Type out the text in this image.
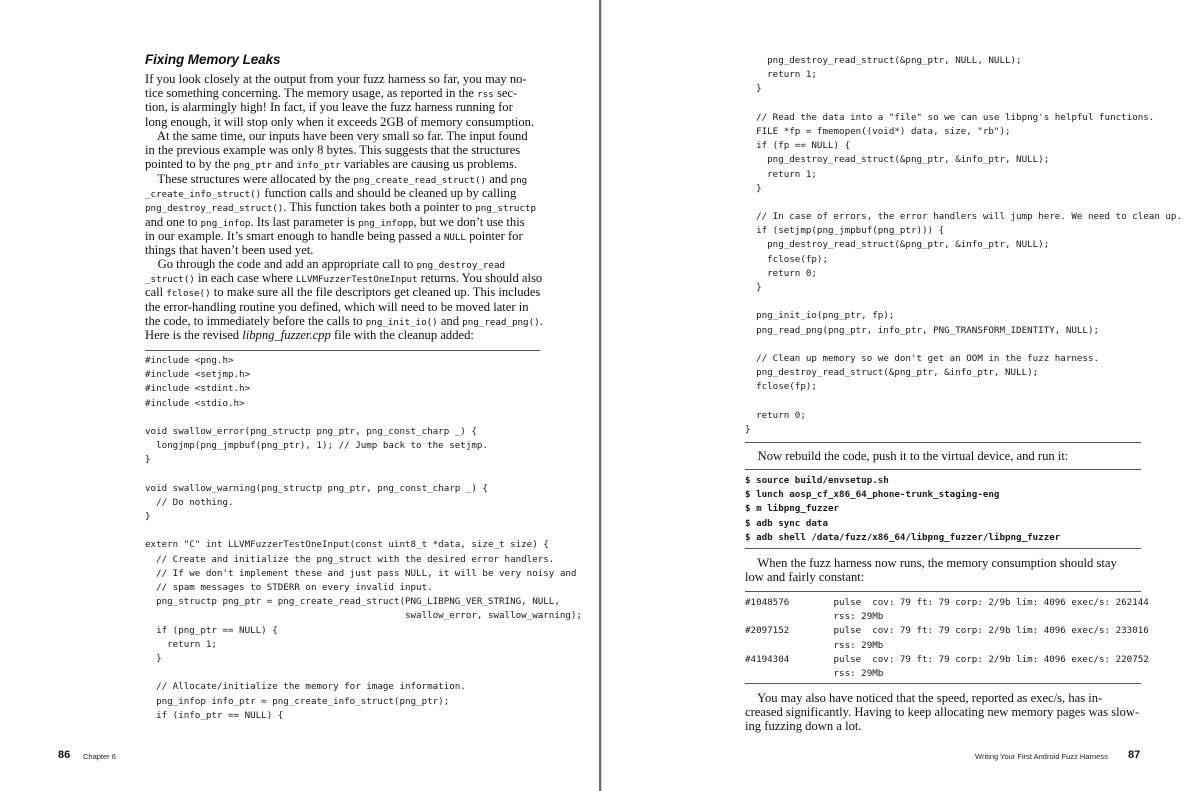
Fixing Memory Leaks
If you look closely at the output from your fuzz harness so far, you may no-
tice something concerning. The memory usage, as reported in the rss sec-
tion, is alarmingly high! In fact, if you leave the fuzz harness running for
long enough, it will stop only when it exceeds 2GB of memory consumption.
At the same time, our inputs have been very small so far. The input found
in the previous example was only 8 bytes. This suggests that the structures
pointed to by the png_ptr and info_ptr variables are causing us problems.
These structures were allocated by the png_create_read_struct() and png
_create_info_struct() function calls and should be cleaned up by calling
png_destroy_read_struct(). This function takes both a pointer to png_structp
and one to png_infop. Its last parameter is png_infopp, but we don’t use this
in our example. It’s smart enough to handle being passed a NULL pointer for
things that haven’t been used yet.
Go through the code and add an appropriate call to png_destroy_read
_struct() in each case where LLVMFuzzerTestOneInput returns. You should also
call fclose() to make sure all the file descriptors get cleaned up. This includes
the error-handling routine you defined, which will need to be moved later in
the code, to immediately before the calls to png_init_io() and png_read_png().
Here is the revised libpng_fuzzer.cpp file with the cleanup added:
#include <png.h>
#include <setjmp.h>
#include <stdint.h>
#include <stdio.h>
void swallow_error(png_structp png_ptr, png_const_charp _) {
longjmp(png_jmpbuf(png_ptr), 1); // Jump back to the setjmp.
}
void swallow_warning(png_structp png_ptr, png_const_charp _) {
// Do nothing.
}
extern "C" int LLVMFuzzerTestOneInput(const uint8_t *data, size_t size) {
// Create and initialize the png_struct with the desired error handlers.
// If we don't implement these and just pass NULL, it will be very noisy and
// spam messages to STDERR on every invalid input.
png_structp png_ptr = png_create_read_struct(PNG_LIBPNG_VER_STRING, NULL,
swallow_error, swallow_warning);
if (png_ptr == NULL) {
return 1;
}
// Allocate/initialize the memory for image information.
png_infop info_ptr = png_create_info_struct(png_ptr);
if (info_ptr == NULL) {
86 Chapter 6
png_destroy_read_struct(&png_ptr, NULL, NULL);
return 1;
}
// Read the data into a "file" so we can use libpng's helpful functions.
FILE *fp = fmemopen((void*) data, size, "rb");
if (fp == NULL) {
png_destroy_read_struct(&png_ptr, &info_ptr, NULL);
return 1;
}
// In case of errors, the error handlers will jump here. We need to clean up.
if (setjmp(png_jmpbuf(png_ptr))) {
png_destroy_read_struct(&png_ptr, &info_ptr, NULL);
fclose(fp);
return 0;
}
png_init_io(png_ptr, fp);
png_read_png(png_ptr, info_ptr, PNG_TRANSFORM_IDENTITY, NULL);
// Clean up memory so we don't get an OOM in the fuzz harness.
png_destroy_read_struct(&png_ptr, &info_ptr, NULL);
fclose(fp);
return 0;
}
Now rebuild the code, push it to the virtual device, and run it:
$ source build/envsetup.sh
$ lunch aosp_cf_x86_64_phone-trunk_staging-eng
$ m libpng_fuzzer
$ adb sync data
$ adb shell /data/fuzz/x86_64/libpng_fuzzer/libpng_fuzzer
When the fuzz harness now runs, the memory consumption should stay
low and fairly constant:
#1048576        pulse  cov: 79 ft: 79 corp: 2/9b lim: 4096 exec/s: 262144
rss: 29Mb
#2097152        pulse  cov: 79 ft: 79 corp: 2/9b lim: 4096 exec/s: 233016
rss: 29Mb
#4194304        pulse  cov: 79 ft: 79 corp: 2/9b lim: 4096 exec/s: 220752
rss: 29Mb
You may also have noticed that the speed, reported as exec/s, has in-
creased significantly. Having to keep allocating new memory pages was slow-
ing fuzzing down a lot.
Writing Your First Android Fuzz Harness 87
